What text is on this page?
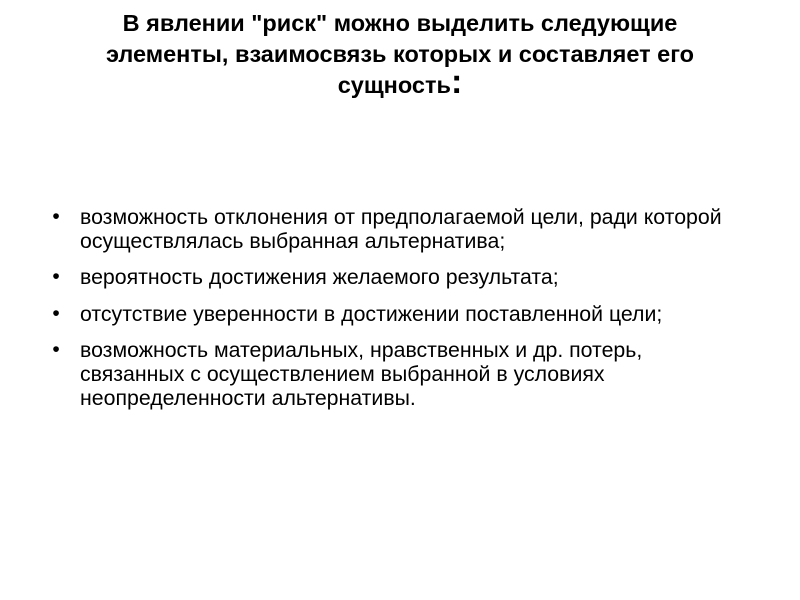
В явлении "риск" можно выделить следующие элементы, взаимосвязь которых и составляет его сущность:
• возможность отклонения от предполагаемой цели, ради которой осуществлялась выбранная альтернатива;
• вероятность достижения желаемого результата;
• отсутствие уверенности в достижении поставленной цели;
• возможность материальных, нравственных и др. потерь, связанных с осуществлением выбранной в условиях неопределенности альтернативы.
